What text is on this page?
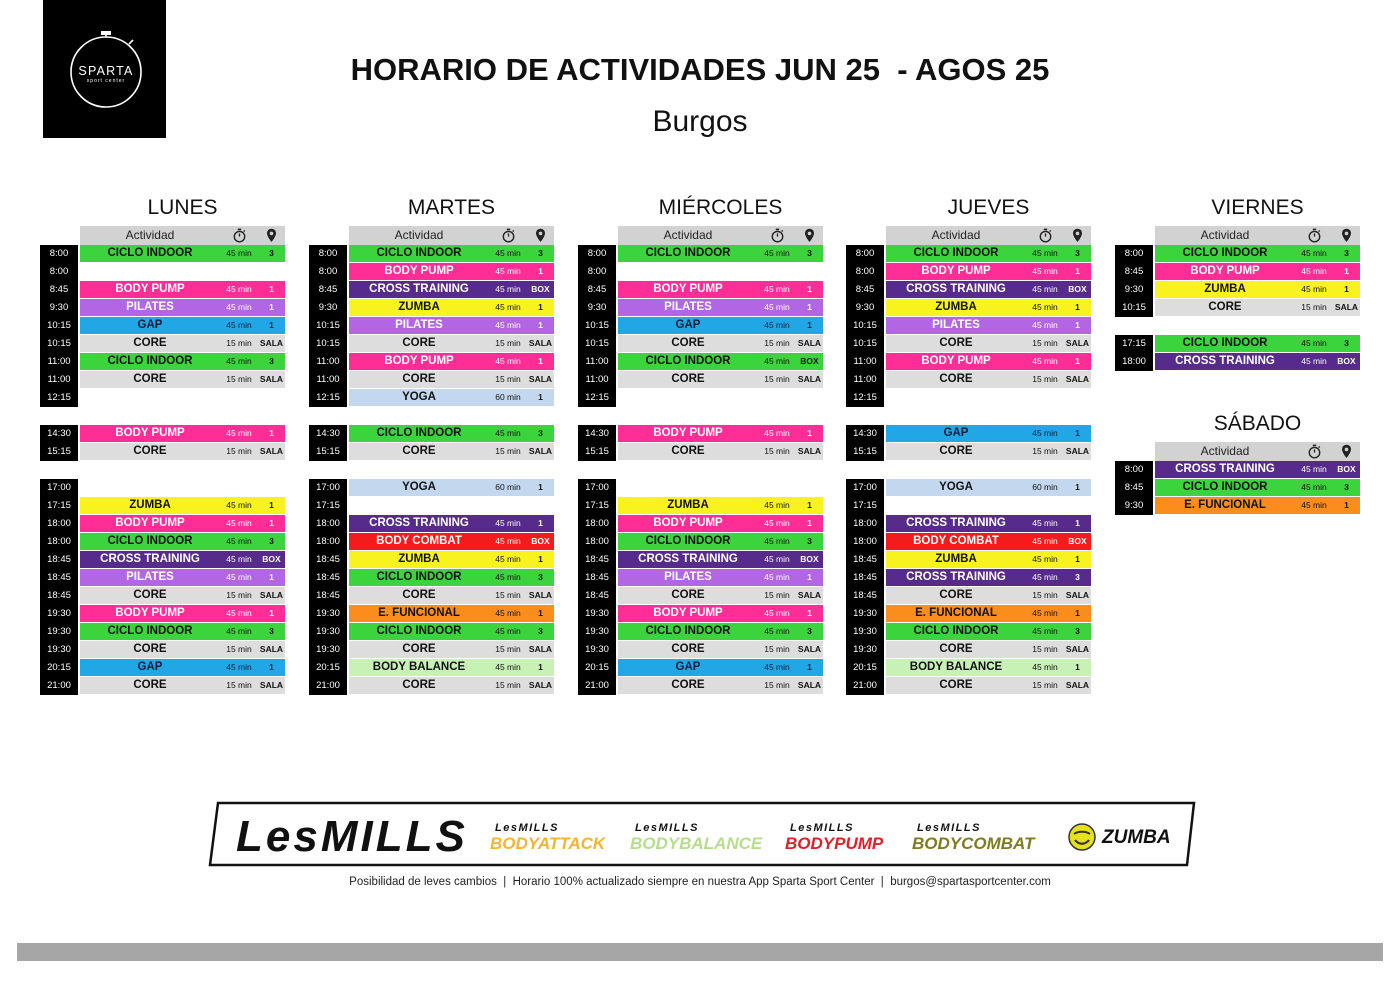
SPARTA
sport center	HORARIO DE ACTIVIDADES JUN 25  - AGOS 25
Burgos
LUNES
Actividad
8:00	CICLO INDOOR	45 min	3
8:00
8:45	BODY PUMP	45 min	1
9:30	PILATES	45 min	1
10:15	GAP	45 min	1
10:15	CORE	15 min SALA
11:00	CICLO INDOOR	45 min	3
11:00	CORE	15 min SALA
12:15
14:30	BODY PUMP	45 min	1
15:15	CORE	15 min SALA
17:00
17:15	ZUMBA	45 min	1
18:00	BODY PUMP	45 min	1
18:00	CICLO INDOOR	45 min	3
18:45	CROSS TRAINING	45 min	BOX
18:45	PILATES	45 min	1
18:45	CORE	15 min SALA
19:30	BODY PUMP	45 min	1
19:30	CICLO INDOOR	45 min	3
19:30	CORE	15 min SALA
20:15	GAP	45 min	1
21:00	CORE	15 min SALA
MARTES
Actividad
8:00	CICLO INDOOR	45 min	3
8:00	BODY PUMP	45 min	1
8:45	CROSS TRAINING	45 min	BOX
9:30	ZUMBA	45 min	1
10:15	PILATES	45 min	1
10:15	CORE	15 min SALA
11:00	BODY PUMP	45 min	1
11:00	CORE	15 min SALA
12:15	YOGA	60 min	1
14:30	CICLO INDOOR	45 min	3
15:15	CORE	15 min SALA
17:00	YOGA	60 min	1
17:15
18:00	CROSS TRAINING	45 min	1
18:00	BODY COMBAT	45 min	BOX
18:45	ZUMBA	45 min	1
18:45	CICLO INDOOR	45 min	3
18:45	CORE	15 min SALA
19:30	E. FUNCIONAL	45 min	1
19:30	CICLO INDOOR	45 min	3
19:30	CORE	15 min SALA
20:15	BODY BALANCE	45 min	1
21:00	CORE	15 min SALA
MIÉRCOLES
Actividad
8:00	CICLO INDOOR	45 min	3
8:00
8:45	BODY PUMP	45 min	1
9:30	PILATES	45 min	1
10:15	GAP	45 min	1
10:15	CORE	15 min SALA
11:00	CICLO INDOOR	45 min	BOX
11:00	CORE	15 min SALA
12:15
14:30	BODY PUMP	45 min	1
15:15	CORE	15 min SALA
17:00
17:15	ZUMBA	45 min	1
18:00	BODY PUMP	45 min	1
18:00	CICLO INDOOR	45 min	3
18:45	CROSS TRAINING	45 min	BOX
18:45	PILATES	45 min	1
18:45	CORE	15 min SALA
19:30	BODY PUMP	45 min	1
19:30	CICLO INDOOR	45 min	3
19:30	CORE	15 min SALA
20:15	GAP	45 min	1
21:00	CORE	15 min SALA
JUEVES
Actividad
8:00	CICLO INDOOR	45 min	3
8:00	BODY PUMP	45 min	1
8:45	CROSS TRAINING	45 min	BOX
9:30	ZUMBA	45 min	1
10:15	PILATES	45 min	1
10:15	CORE	15 min SALA
11:00	BODY PUMP	45 min	1
11:00	CORE	15 min SALA
12:15
14:30	GAP	45 min	1
15:15	CORE	15 min SALA
17:00	YOGA	60 min	1
17:15
18:00	CROSS TRAINING	45 min	1
18:00	BODY COMBAT	45 min	BOX
18:45	ZUMBA	45 min	1
18:45	CROSS TRAINING	45 min	3
18:45	CORE	15 min SALA
19:30	E. FUNCIONAL	45 min	1
19:30	CICLO INDOOR	45 min	3
19:30	CORE	15 min SALA
20:15	BODY BALANCE	45 min	1
21:00	CORE	15 min SALA
VIERNES
Actividad
8:00	CICLO INDOOR	45 min	3
8:45	BODY PUMP	45 min	1
9:30	ZUMBA	45 min	1
10:15	CORE	15 min SALA
17:15	CICLO INDOOR	45 min	3
18:00	CROSS TRAINING	45 min	BOX
SÁBADO
Actividad
8:00	CROSS TRAINING	45 min	BOX
8:45	CICLO INDOOR	45 min	3
9:30	E. FUNCIONAL	45 min	1
LesMILLS LesMILLS
BODYATTACK
LesMILLS
BODYBALANCE
LesMILLS
BODYPUMP
LesMILLS
BODYCOMBAT	ZUMBA
Posibilidad de leves cambios  |  Horario 100% actualizado siempre en nuestra App Sparta Sport Center  |  burgos@spartasportcenter.com
